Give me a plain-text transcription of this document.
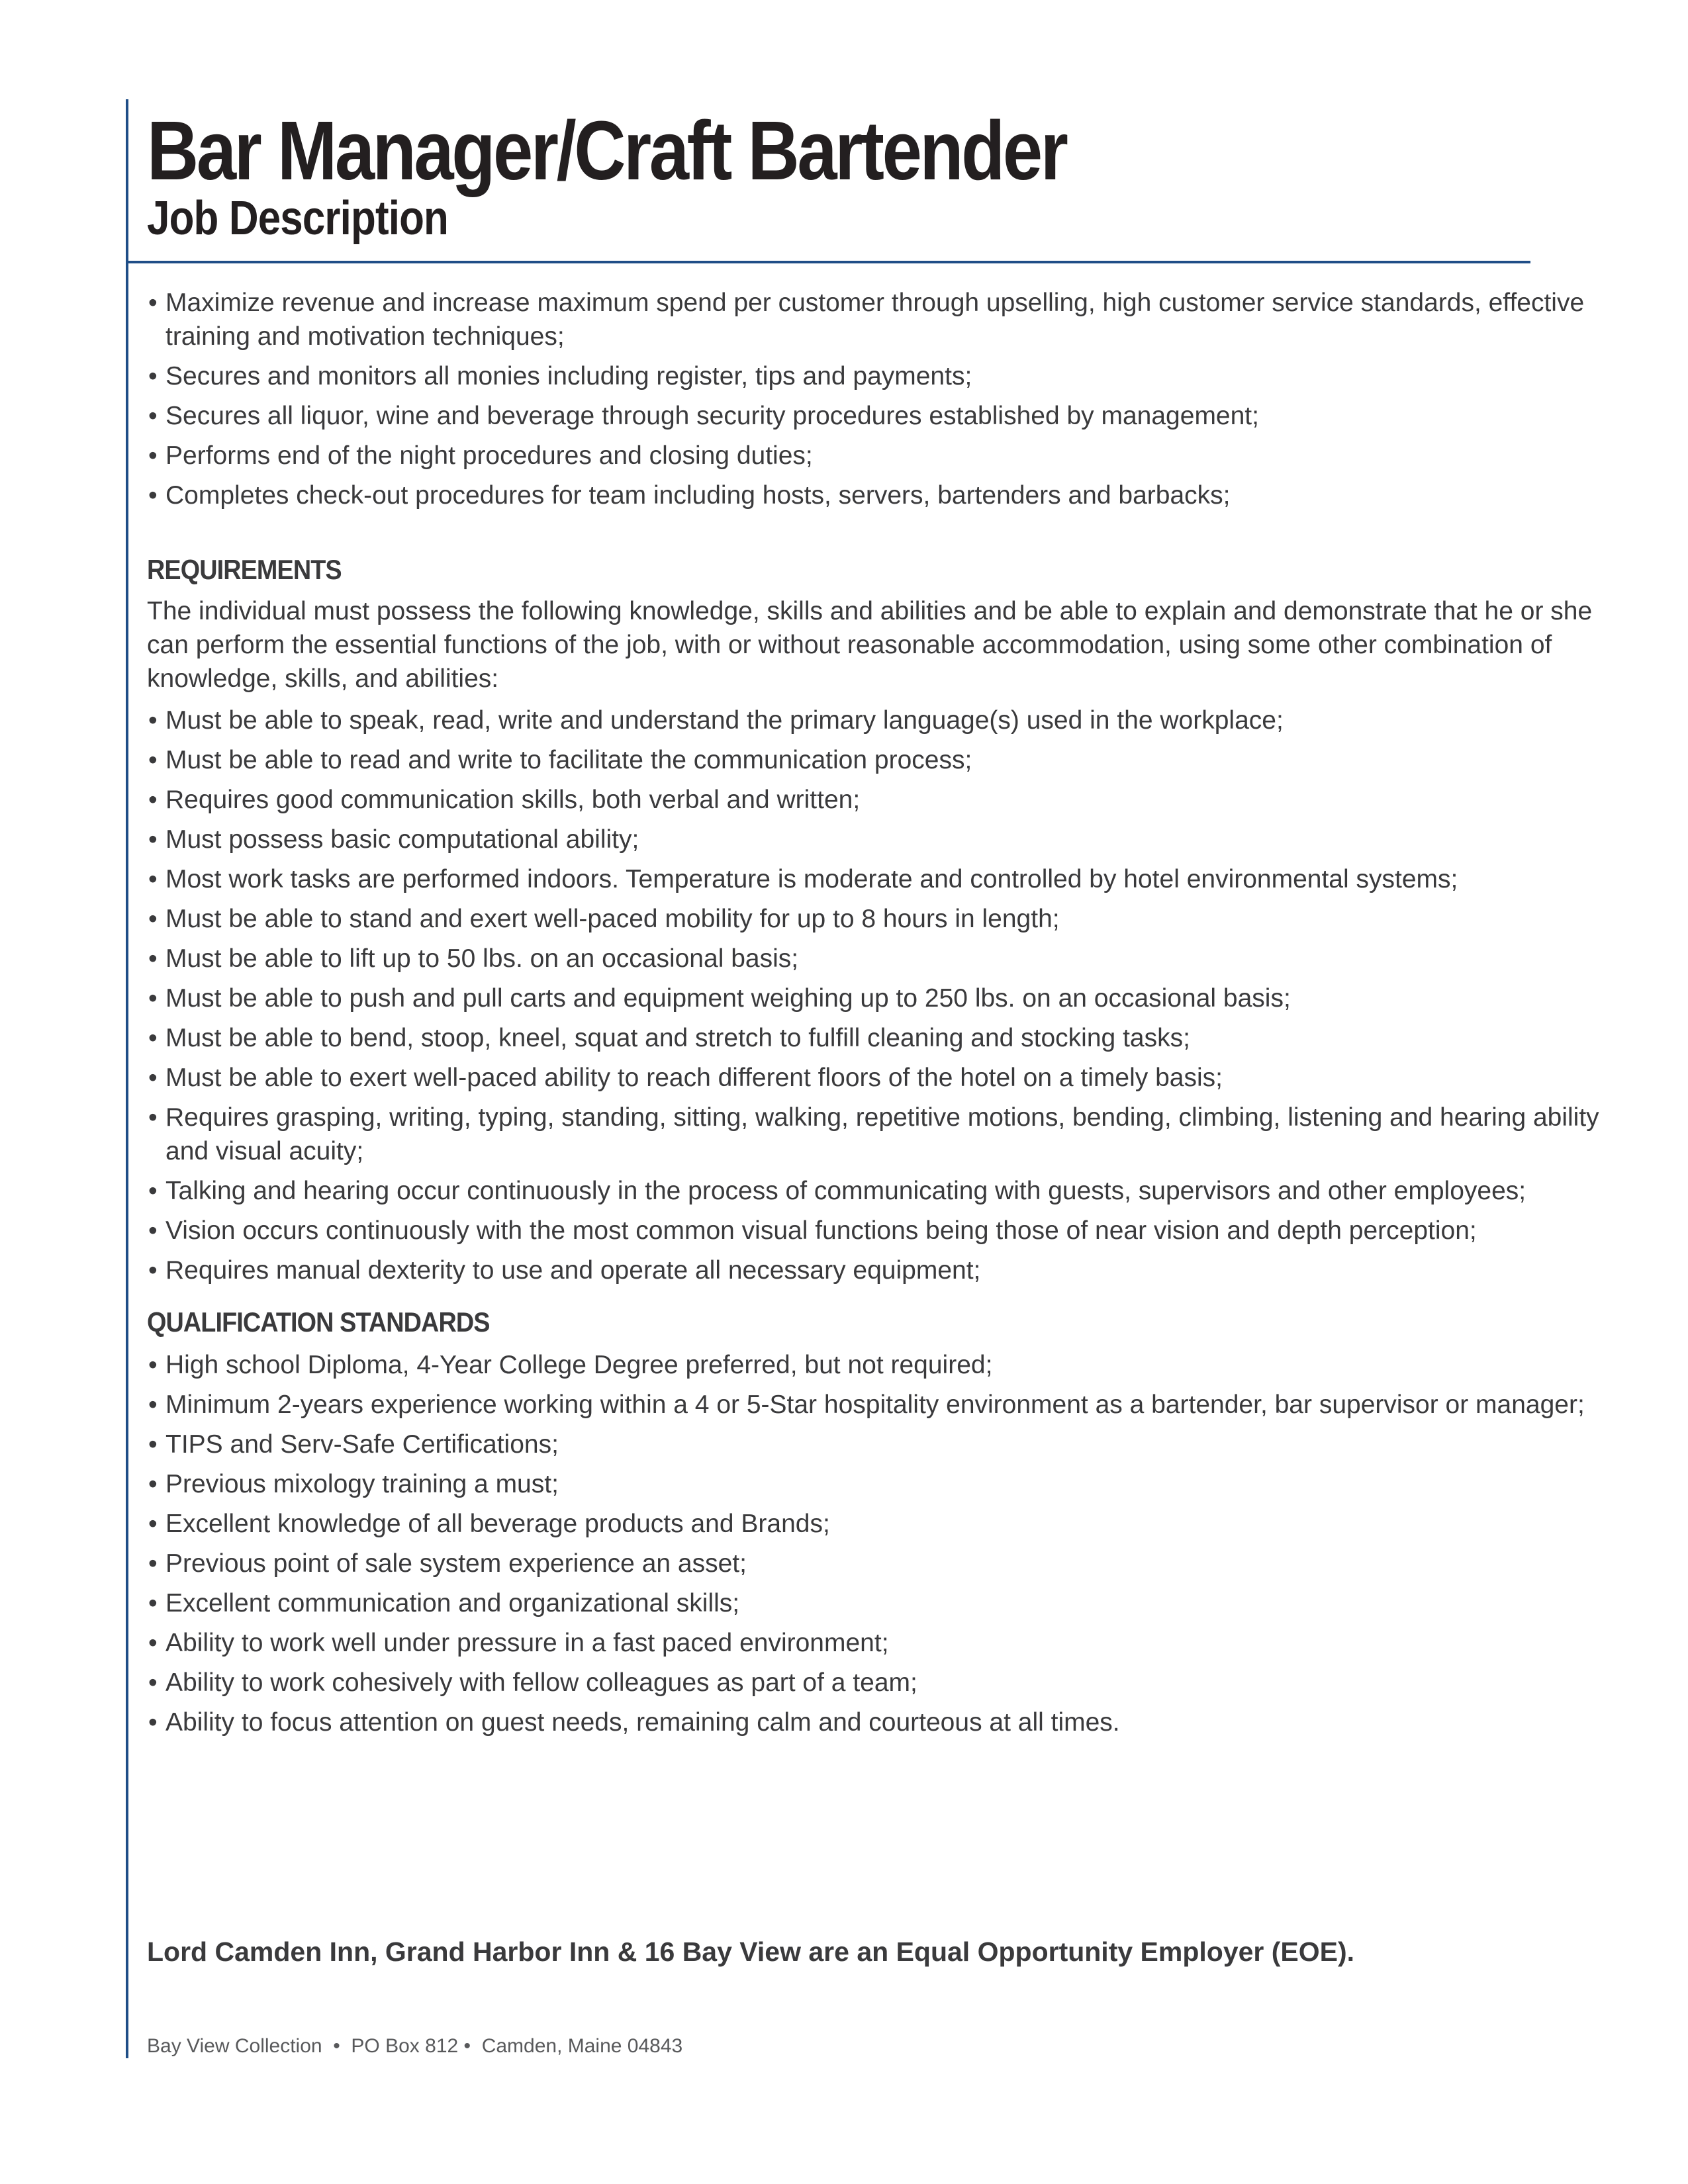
Bar Manager/Craft Bartender
Job Description
• Maximize revenue and increase maximum spend per customer through upselling, high customer service standards, effective training and motivation techniques;
• Secures and monitors all monies including register, tips and payments;
• Secures all liquor, wine and beverage through security procedures established by management;
• Performs end of the night procedures and closing duties;
• Completes check-out procedures for team including hosts, servers, bartenders and barbacks;
REQUIREMENTS

The individual must possess the following knowledge, skills and abilities and be able to explain and demonstrate that he or she can perform the essential functions of the job, with or without reasonable accommodation, using some other combination of knowledge, skills, and abilities:

• Must be able to speak, read, write and understand the primary language(s) used in the workplace;
• Must be able to read and write to facilitate the communication process;
• Requires good communication skills, both verbal and written;
• Must possess basic computational ability;
• Most work tasks are performed indoors. Temperature is moderate and controlled by hotel environmental systems;
• Must be able to stand and exert well-paced mobility for up to 8 hours in length;
• Must be able to lift up to 50 lbs. on an occasional basis;
• Must be able to push and pull carts and equipment weighing up to 250 lbs. on an occasional basis;
• Must be able to bend, stoop, kneel, squat and stretch to fulfill cleaning and stocking tasks;
• Must be able to exert well-paced ability to reach different floors of the hotel on a timely basis;
• Requires grasping, writing, typing, standing, sitting, walking, repetitive motions, bending, climbing, listening and hearing ability and visual acuity;
• Talking and hearing occur continuously in the process of communicating with guests, supervisors and other employees;
• Vision occurs continuously with the most common visual functions being those of near vision and depth perception;
• Requires manual dexterity to use and operate all necessary equipment;
QUALIFICATION STANDARDS
• High school Diploma, 4-Year College Degree preferred, but not required;
• Minimum 2-years experience working within a 4 or 5-Star hospitality environment as a bartender, bar supervisor or manager;
• TIPS and Serv-Safe Certifications;
• Previous mixology training a must;
• Excellent knowledge of all beverage products and Brands;
• Previous point of sale system experience an asset;
• Excellent communication and organizational skills;
• Ability to work well under pressure in a fast paced environment;
• Ability to work cohesively with fellow colleagues as part of a team;
• Ability to focus attention on guest needs, remaining calm and courteous at all times.
Lord Camden Inn, Grand Harbor Inn & 16 Bay View are an Equal Opportunity Employer (EOE).
Bay View Collection  •  PO Box 812 •  Camden, Maine 04843
